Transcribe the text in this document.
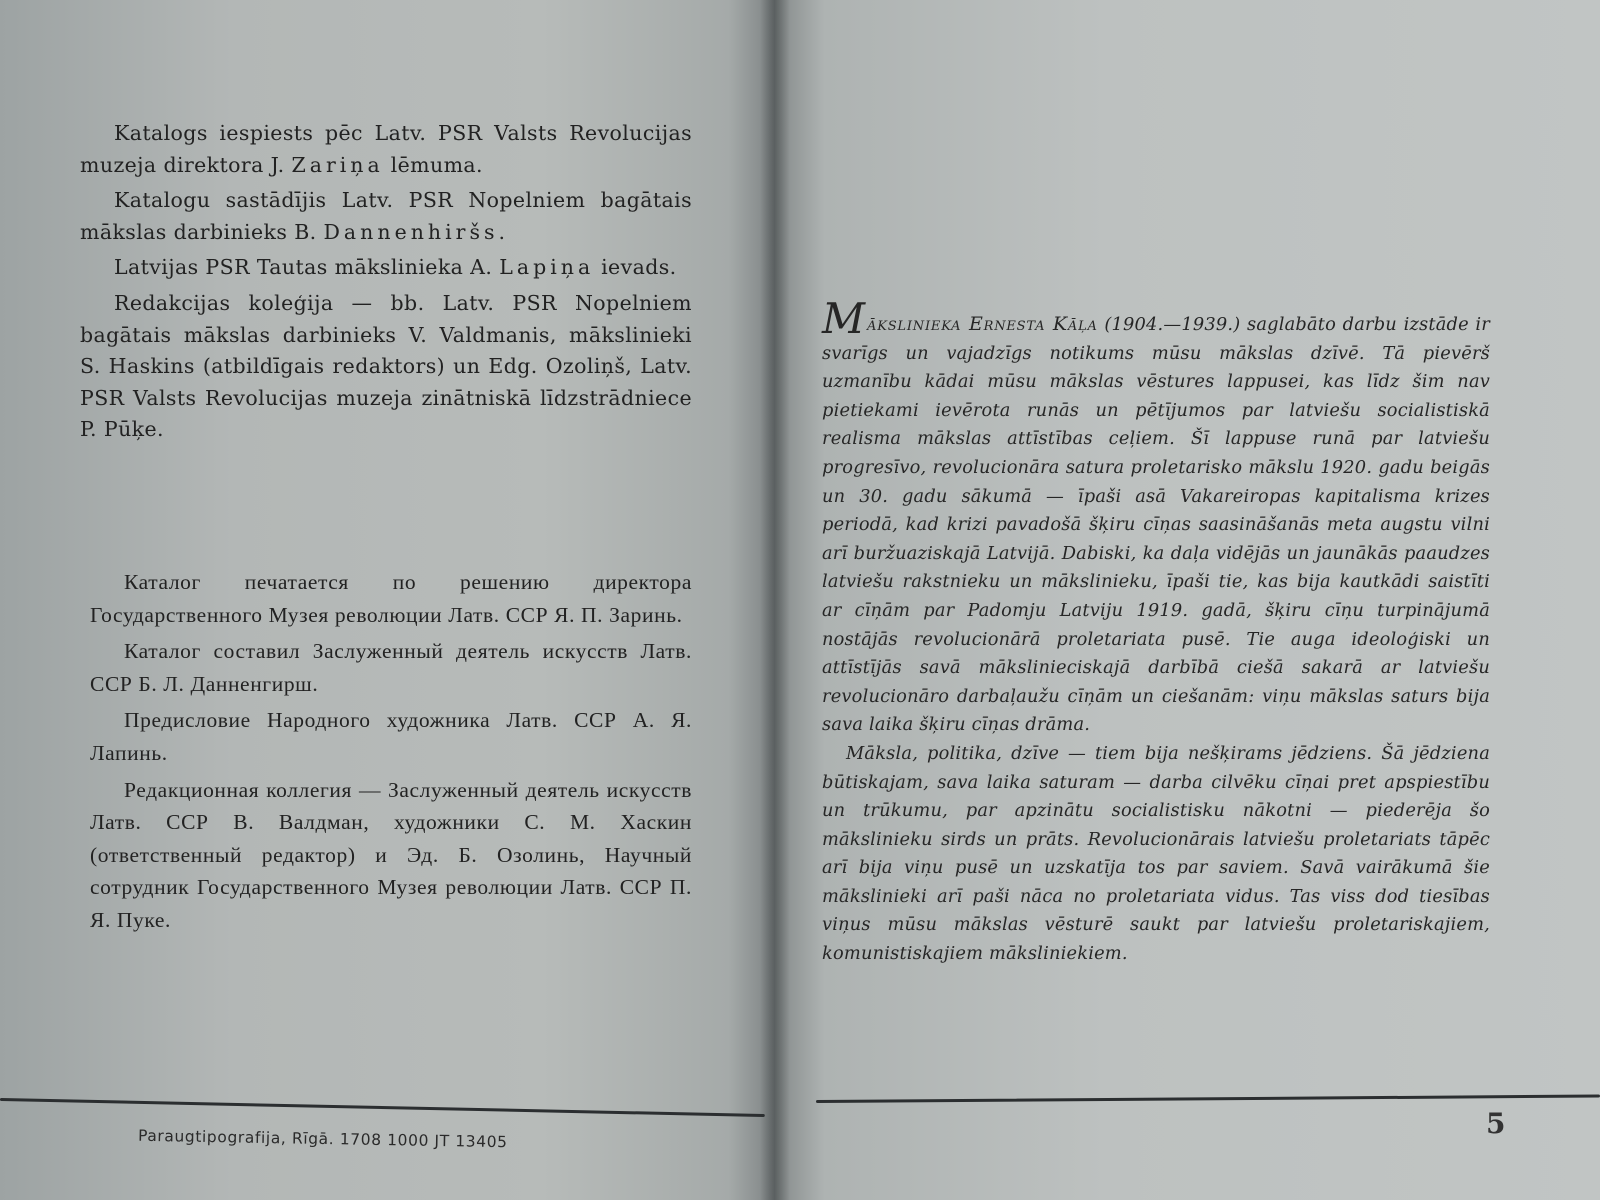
Katalogs iespiests pēc Latv. PSR Valsts Revolucijas muzeja direktora J. Zariņa lēmuma.

Katalogu sastādījis Latv. PSR Nopelniem bagātais mākslas darbinieks B. Dannenhiršs.

Latvijas PSR Tautas mākslinieka A. Lapiņa ievads.

Redakcijas koleģija — bb. Latv. PSR Nopelniem bagātais mākslas darbinieks V. Valdmanis, mākslinieki S. Haskins (atbildīgais redaktors) un Edg. Ozoliņš, Latv. PSR Valsts Revolucijas muzeja zinātniskā līdzstrādniece P. Pūķe.

Каталог печатается по решению директора Государственного Музея революции Латв. ССР Я. П. Заринь.

Каталог составил Заслуженный деятель искусств Латв. ССР Б. Л. Данненгирш.

Предисловие Народного художника Латв. ССР А. Я. Лапинь.

Редакционная коллегия — Заслуженный деятель искусств Латв. ССР В. Валдман, художники С. М. Хаскин (ответственный редактор) и Эд. Б. Озолинь, Научный сотрудник Государственного Музея революции Латв. ССР П. Я. Пуке.

Paraugtipografija, Rīgā. 1708 1000 JT 13405

Mākslinieka Ernesta Kāļa (1904.—1939.) saglabāto darbu izstāde ir svarīgs un vajadzīgs notikums mūsu mākslas dzīvē. Tā pievērš uzmanību kādai mūsu mākslas vēstures lappusei, kas līdz šim nav pietiekami ievērota runās un pētījumos par latviešu socialistiskā realisma mākslas attīstības ceļiem. Šī lappuse runā par latviešu progresīvo, revolucionāra satura proletarisko mākslu 1920. gadu beigās un 30. gadu sākumā — īpaši asā Vakareiropas kapitalisma krizes periodā, kad krizi pavadošā šķiru cīņas saasināšanās meta augstu vilni arī buržuaziskajā Latvijā. Dabiski, ka daļa vidējās un jaunākās paaudzes latviešu rakstnieku un mākslinieku, īpaši tie, kas bija kautkādi saistīti ar cīņām par Padomju Latviju 1919. gadā, šķiru cīņu turpinājumā nostājās revolucionārā proletariata pusē. Tie auga ideoloģiski un attīstījās savā mākslinieciskajā darbībā ciešā sakarā ar latviešu revolucionāro darbaļaužu cīņām un ciešanām: viņu mākslas saturs bija sava laika šķiru cīņas drāma.

Māksla, politika, dzīve — tiem bija nešķirams jēdziens. Šā jēdziena būtiskajam, sava laika saturam — darba cilvēku cīņai pret apspiestību un trūkumu, par apzinātu socialistisku nākotni — piederēja šo mākslinieku sirds un prāts. Revolucionārais latviešu proletariats tāpēc arī bija viņu pusē un uzskatīja tos par saviem. Savā vairākumā šie mākslinieki arī paši nāca no proletariata vidus. Tas viss dod tiesības viņus mūsu mākslas vēsturē saukt par latviešu proletariskajiem, komunistiskajiem māksliniekiem.

5
